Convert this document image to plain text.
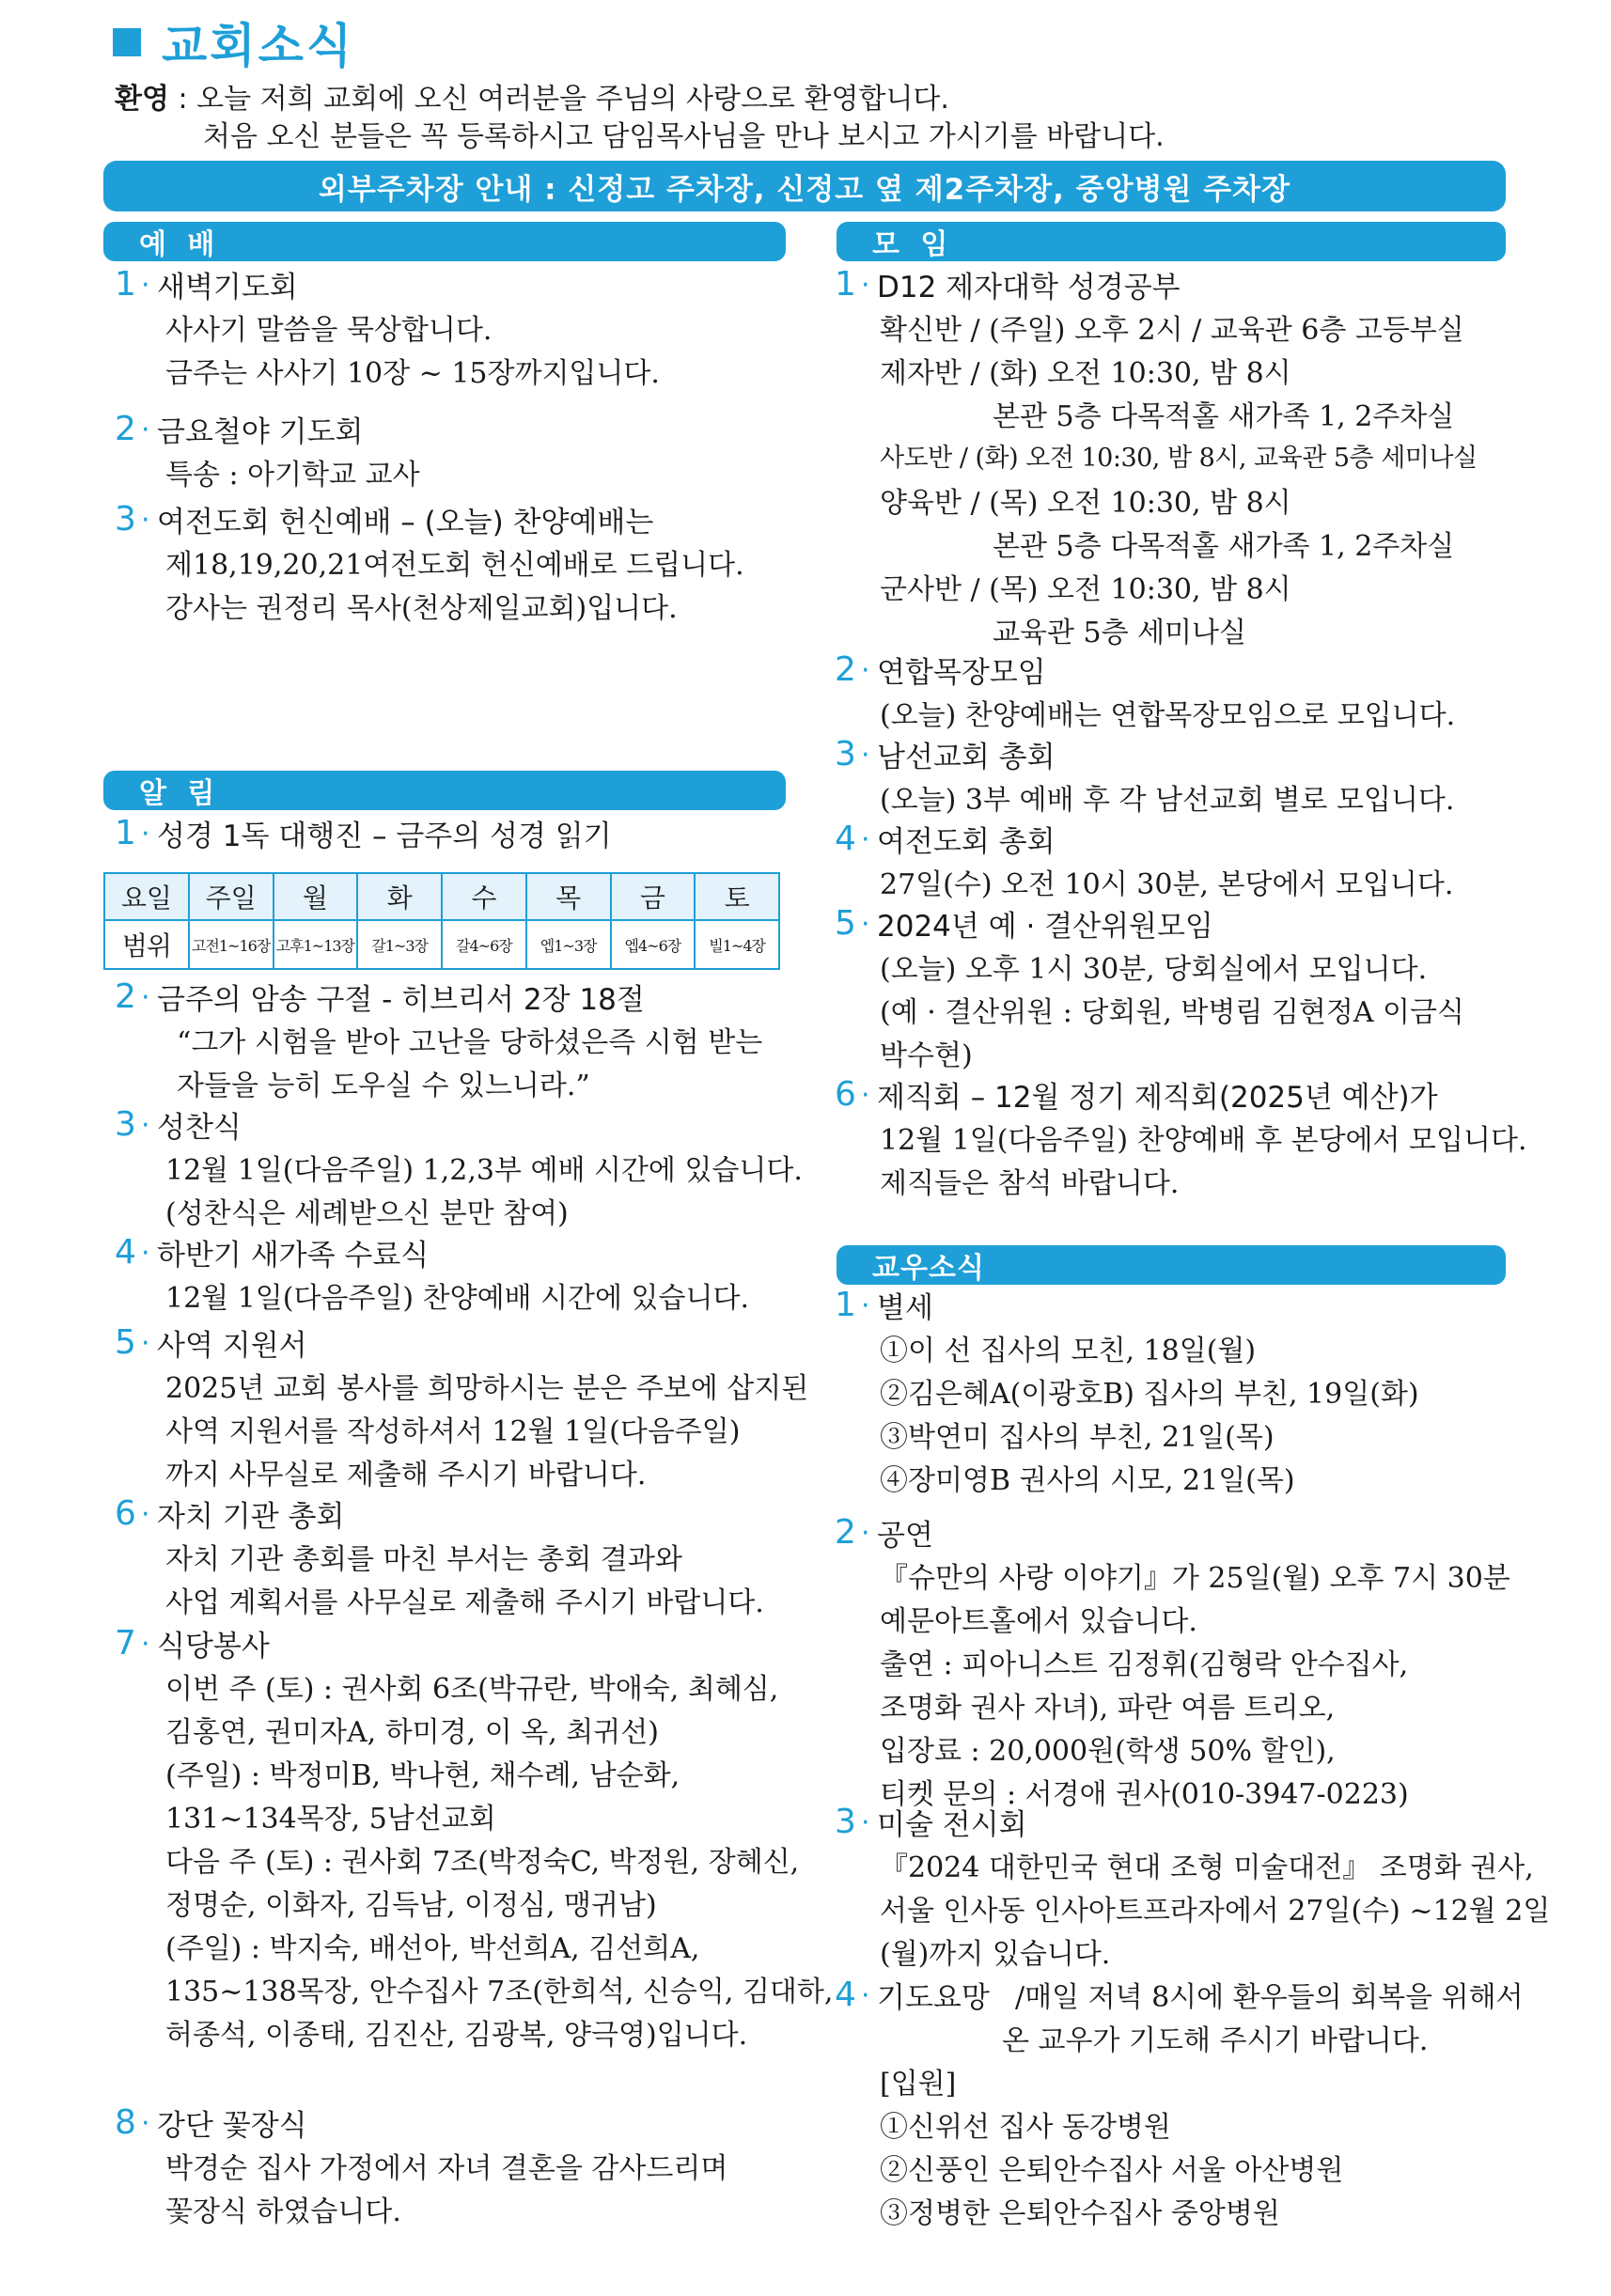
교회소식
환영 : 오늘 저희 교회에 오신 여러분을 주님의 사랑으로 환영합니다.
처음 오신 분들은 꼭 등록하시고 담임목사님을 만나 보시고 가시기를 바랍니다.
외부주차장 안내 : 신정고 주차장, 신정고 옆 제2주차장, 중앙병원 주차장
예 배	모 임
알 림
교우소식
요일	주일	월	화	수	목	금	토
범위	고전1~16장	고후1~13장	갈1~3장	갈4~6장	엡1~3장	엡4~6장	빌1~4장
1 · 새벽기도회
사사기 말씀을 묵상합니다.
금주는 사사기 10장 ~ 15장까지입니다.
2 · 금요철야 기도회
특송 : 아기학교 교사
3 · 여전도회 헌신예배 – (오늘) 찬양예배는
제18,19,20,21여전도회 헌신예배로 드립니다.
강사는 권정리 목사(천상제일교회)입니다.
1 · 성경 1독 대행진 – 금주의 성경 읽기
2 · 금주의 암송 구절 - 히브리서 2장 18절
“그가 시험을 받아 고난을 당하셨은즉 시험 받는
자들을 능히 도우실 수 있느니라.”
3 · 성찬식
12월 1일(다음주일) 1,2,3부 예배 시간에 있습니다.
(성찬식은 세례받으신 분만 참여)
4 · 하반기 새가족 수료식
12월 1일(다음주일) 찬양예배 시간에 있습니다.
5 · 사역 지원서
2025년 교회 봉사를 희망하시는 분은 주보에 삽지된
사역 지원서를 작성하셔서 12월 1일(다음주일)
까지 사무실로 제출해 주시기 바랍니다.
6 · 자치 기관 총회
자치 기관 총회를 마친 부서는 총회 결과와
사업 계획서를 사무실로 제출해 주시기 바랍니다.
7 · 식당봉사
이번 주 (토) : 권사회 6조(박규란, 박애숙, 최혜심,
김홍연, 권미자A, 하미경, 이 옥, 최귀선)
(주일) : 박정미B, 박나현, 채수례, 남순화,
131~134목장, 5남선교회
다음 주 (토) : 권사회 7조(박정숙C, 박정원, 장혜신,
정명순, 이화자, 김득남, 이정심, 맹귀남)
(주일) : 박지숙, 배선아, 박선희A, 김선희A,
135~138목장, 안수집사 7조(한희석, 신승익, 김대하,
허종석, 이종태, 김진산, 김광복, 양극영)입니다.
8 · 강단 꽃장식
박경순 집사 가정에서 자녀 결혼을 감사드리며
꽃장식 하였습니다.
1 · D12 제자대학 성경공부
확신반 / (주일) 오후 2시 / 교육관 6층 고등부실
제자반 / (화) 오전 10:30, 밤 8시
본관 5층 다목적홀 새가족 1, 2주차실
사도반 / (화) 오전 10:30, 밤 8시, 교육관 5층 세미나실
양육반 / (목) 오전 10:30, 밤 8시
본관 5층 다목적홀 새가족 1, 2주차실
군사반 / (목) 오전 10:30, 밤 8시
교육관 5층 세미나실
2 · 연합목장모임
(오늘) 찬양예배는 연합목장모임으로 모입니다.
3 · 남선교회 총회
(오늘) 3부 예배 후 각 남선교회 별로 모입니다.
4 · 여전도회 총회
27일(수) 오전 10시 30분, 본당에서 모입니다.
5 · 2024년 예 · 결산위원모임
(오늘) 오후 1시 30분, 당회실에서 모입니다.
(예 · 결산위원 : 당회원, 박병림 김현정A 이금식
박수현)
6 · 제직회 – 12월 정기 제직회(2025년 예산)가
12월 1일(다음주일) 찬양예배 후 본당에서 모입니다.
제직들은 참석 바랍니다.
1 · 별세
①이 선 집사의 모친, 18일(월)
②김은혜A(이광호B) 집사의 부친, 19일(화)
③박연미 집사의 부친, 21일(목)
④장미영B 권사의 시모, 21일(목)
2 · 공연
『슈만의 사랑 이야기』가 25일(월) 오후 7시 30분
예문아트홀에서 있습니다.
출연 : 피아니스트 김정휘(김형락 안수집사,
조명화 권사 자녀), 파란 여름 트리오,
입장료 : 20,000원(학생 50% 할인),
티켓 문의 : 서경애 권사(010-3947-0223)
3 · 미술 전시회
『2024 대한민국 현대 조형 미술대전』 조명화 권사,
서울 인사동 인사아트프라자에서 27일(수) ~12월 2일
(월)까지 있습니다.
4 · 기도요망 /매일 저녁 8시에 환우들의 회복을 위해서
온 교우가 기도해 주시기 바랍니다.
[입원]
①신위선 집사 동강병원
②신풍인 은퇴안수집사 서울 아산병원
③정병한 은퇴안수집사 중앙병원
